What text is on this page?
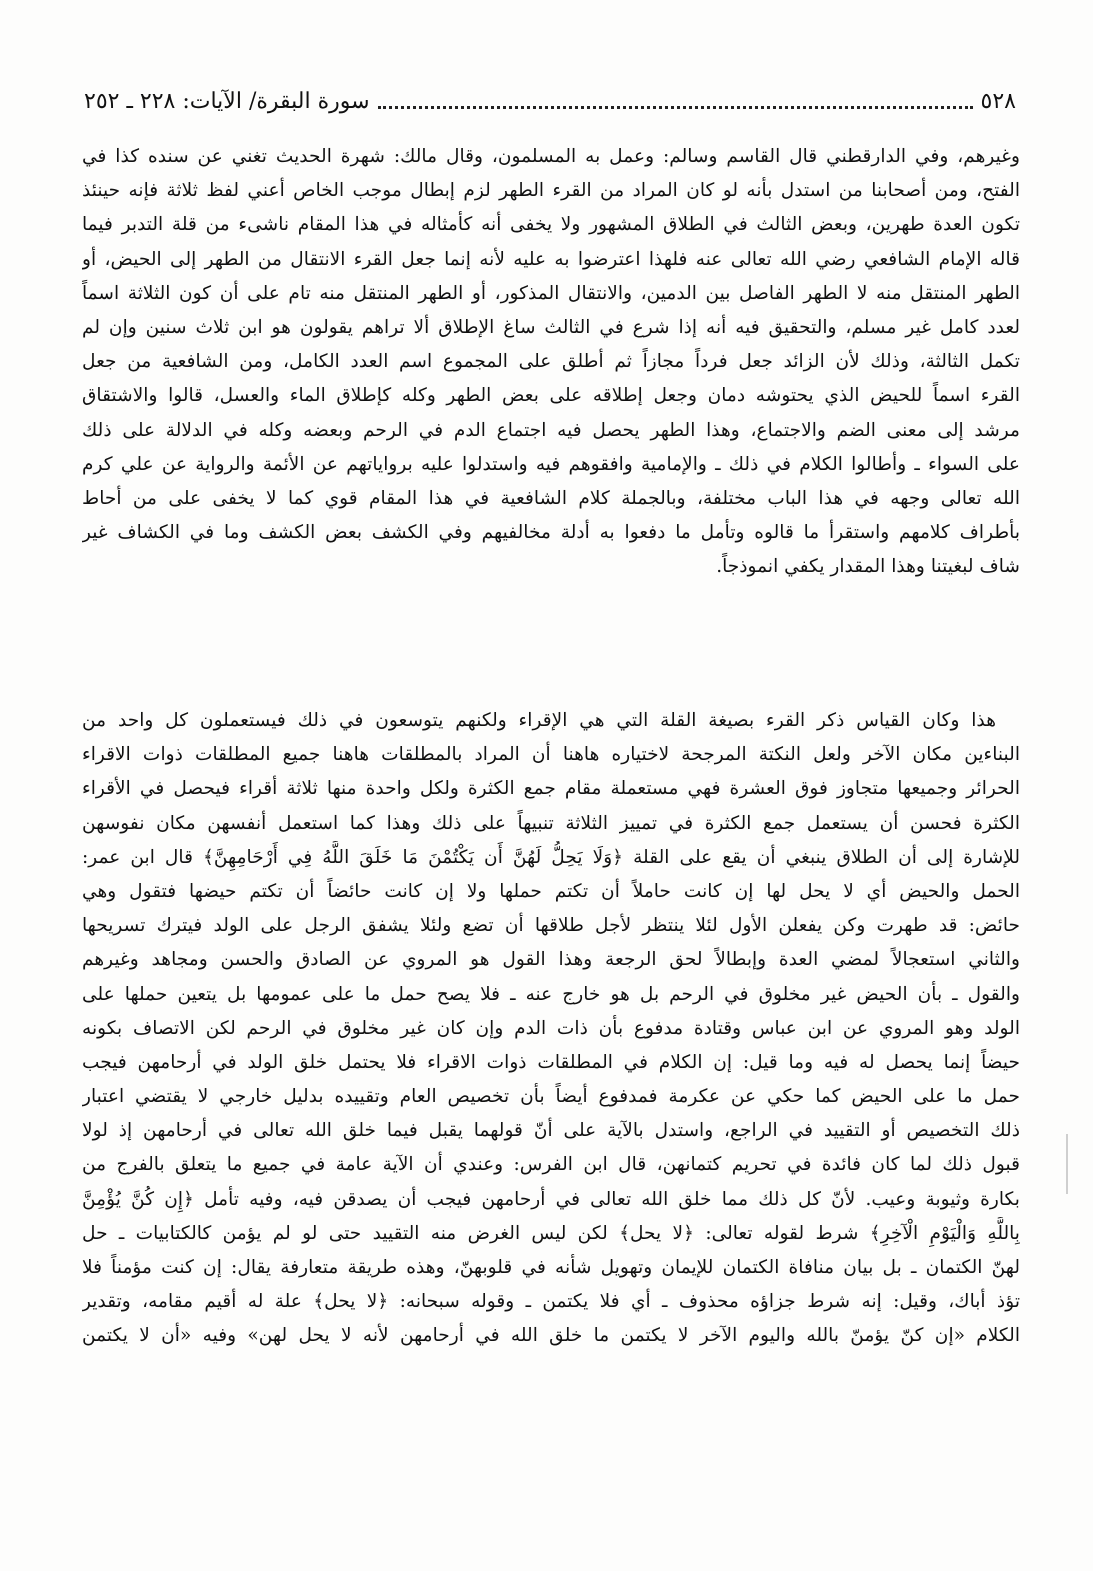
٥٢٨
سورة البقرة/ الآيات: ٢٢٨ ـ ٢٥٢
وغيرهم، وفي الدارقطني قال القاسم وسالم: وعمل به المسلمون، وقال مالك: شهرة الحديث تغني عن سنده كذا في
الفتح، ومن أصحابنا من استدل بأنه لو كان المراد من القرء الطهر لزم إبطال موجب الخاص أعني لفظ ثلاثة فإنه حينئذ
تكون العدة طهرين، وبعض الثالث في الطلاق المشهور ولا يخفى أنه كأمثاله في هذا المقام ناشىء من قلة التدبر فيما
قاله الإمام الشافعي رضي الله تعالى عنه فلهذا اعترضوا به عليه لأنه إنما جعل القرء الانتقال من الطهر إلى الحيض، أو
الطهر المنتقل منه لا الطهر الفاصل بين الدمين، والانتقال المذكور، أو الطهر المنتقل منه تام على أن كون الثلاثة اسماً
لعدد كامل غير مسلم، والتحقيق فيه أنه إذا شرع في الثالث ساغ الإطلاق ألا تراهم يقولون هو ابن ثلاث سنين وإن لم
تكمل الثالثة، وذلك لأن الزائد جعل فرداً مجازاً ثم أطلق على المجموع اسم العدد الكامل، ومن الشافعية من جعل
القرء اسماً للحيض الذي يحتوشه دمان وجعل إطلاقه على بعض الطهر وكله كإطلاق الماء والعسل، قالوا والاشتقاق
مرشد إلى معنى الضم والاجتماع، وهذا الطهر يحصل فيه اجتماع الدم في الرحم وبعضه وكله في الدلالة على ذلك
على السواء ـ وأطالوا الكلام في ذلك ـ والإمامية وافقوهم فيه واستدلوا عليه برواياتهم عن الأئمة والرواية عن علي كرم
الله تعالى وجهه في هذا الباب مختلفة، وبالجملة كلام الشافعية في هذا المقام قوي كما لا يخفى على من أحاط
بأطراف كلامهم واستقرأ ما قالوه وتأمل ما دفعوا به أدلة مخالفيهم وفي الكشف بعض الكشف وما في الكشاف غير
شاف لبغيتنا وهذا المقدار يكفي انموذجاً.
هذا وكان القياس ذكر القرء بصيغة القلة التي هي الإقراء ولكنهم يتوسعون في ذلك فيستعملون كل واحد من
البناءين مكان الآخر ولعل النكتة المرجحة لاختياره هاهنا أن المراد بالمطلقات هاهنا جميع المطلقات ذوات الاقراء
الحرائر وجميعها متجاوز فوق العشرة فهي مستعملة مقام جمع الكثرة ولكل واحدة منها ثلاثة أقراء فيحصل في الأقراء
الكثرة فحسن أن يستعمل جمع الكثرة في تمييز الثلاثة تنبيهاً على ذلك وهذا كما استعمل أنفسهن مكان نفوسهن
للإشارة إلى أن الطلاق ينبغي أن يقع على القلة ﴿وَلَا يَحِلُّ لَهُنَّ أَن يَكْتُمْنَ مَا خَلَقَ اللَّهُ فِي أَرْحَامِهِنَّ﴾ قال ابن عمر:
الحمل والحيض أي لا يحل لها إن كانت حاملاً أن تكتم حملها ولا إن كانت حائضاً أن تكتم حيضها فتقول وهي
حائض: قد طهرت وكن يفعلن الأول لئلا ينتظر لأجل طلاقها أن تضع ولئلا يشفق الرجل على الولد فيترك تسريحها
والثاني استعجالاً لمضي العدة وإبطالاً لحق الرجعة وهذا القول هو المروي عن الصادق والحسن ومجاهد وغيرهم
والقول ـ بأن الحيض غير مخلوق في الرحم بل هو خارج عنه ـ فلا يصح حمل ما على عمومها بل يتعين حملها على
الولد وهو المروي عن ابن عباس وقتادة مدفوع بأن ذات الدم وإن كان غير مخلوق في الرحم لكن الاتصاف بكونه
حيضاً إنما يحصل له فيه وما قيل: إن الكلام في المطلقات ذوات الاقراء فلا يحتمل خلق الولد في أرحامهن فيجب
حمل ما على الحيض كما حكي عن عكرمة فمدفوع أيضاً بأن تخصيص العام وتقييده بدليل خارجي لا يقتضي اعتبار
ذلك التخصيص أو التقييد في الراجع، واستدل بالآية على أنّ قولهما يقبل فيما خلق الله تعالى في أرحامهن إذ لولا
قبول ذلك لما كان فائدة في تحريم كتمانهن، قال ابن الفرس: وعندي أن الآية عامة في جميع ما يتعلق بالفرج من
بكارة وثيوبة وعيب. لأنّ كل ذلك مما خلق الله تعالى في أرحامهن فيجب أن يصدقن فيه، وفيه تأمل ﴿إِن كُنَّ يُؤْمِنَّ
بِاللَّهِ وَالْيَوْمِ الْآخِرِ﴾ شرط لقوله تعالى: ﴿لا يحل﴾ لكن ليس الغرض منه التقييد حتى لو لم يؤمن كالكتابيات ـ حل
لهنّ الكتمان ـ بل بيان منافاة الكتمان للإيمان وتهويل شأنه في قلوبهنّ، وهذه طريقة متعارفة يقال: إن كنت مؤمناً فلا
تؤذ أباك، وقيل: إنه شرط جزاؤه محذوف ـ أي فلا يكتمن ـ وقوله سبحانه: ﴿لا يحل﴾ علة له أقيم مقامه، وتقدير
الكلام «إن كنّ يؤمنّ بالله واليوم الآخر لا يكتمن ما خلق الله في أرحامهن لأنه لا يحل لهن» وفيه «أن لا يكتمن
